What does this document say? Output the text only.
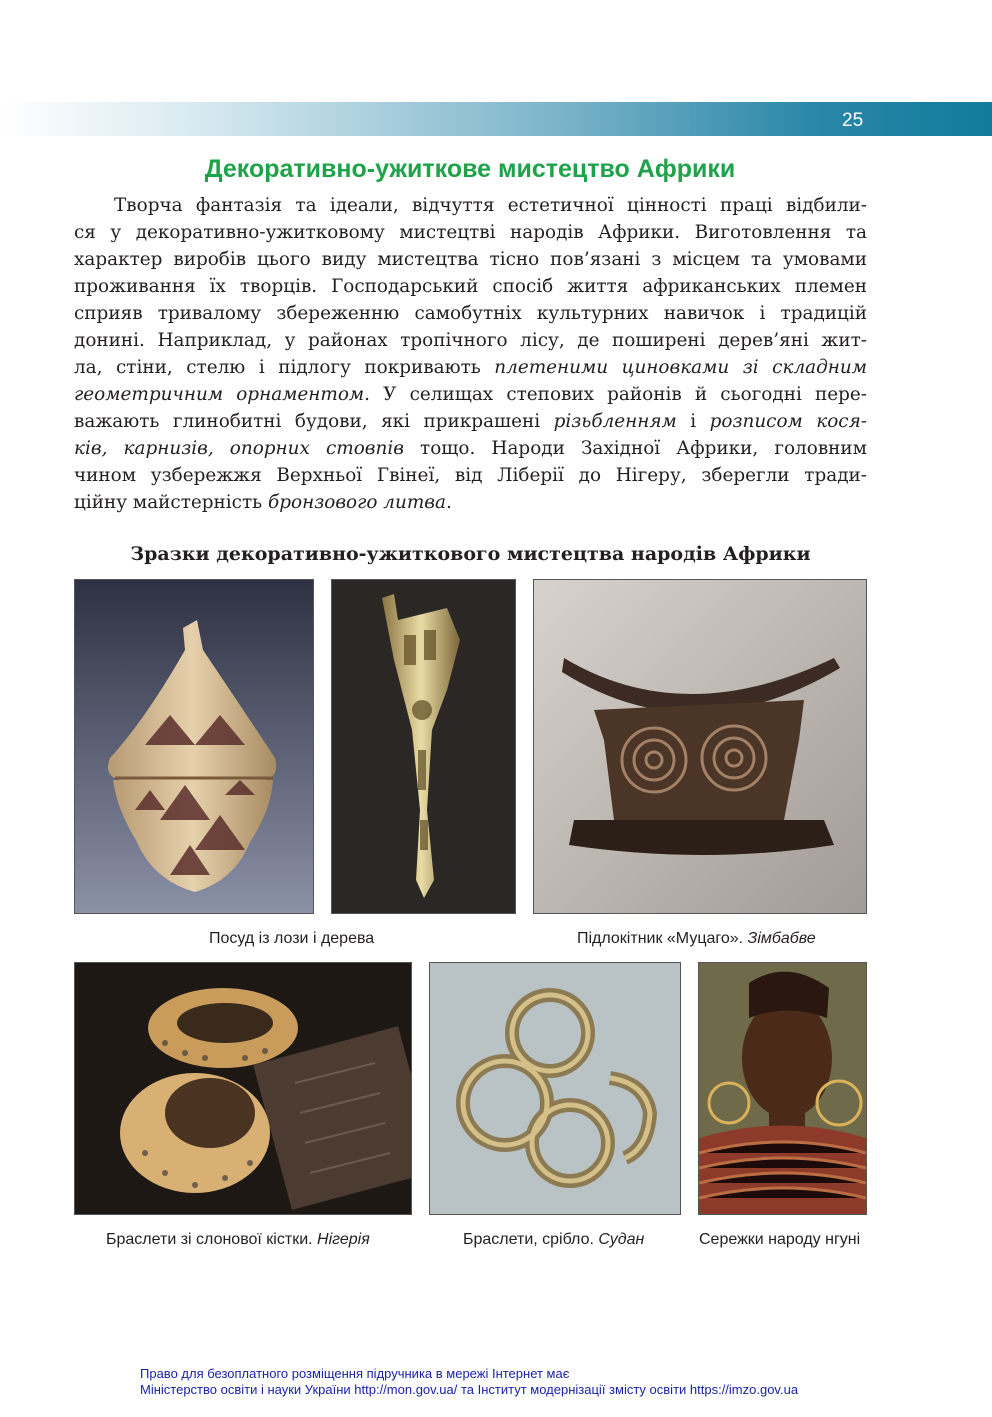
25
Декоративно-ужиткове мистецтво Африки
Творча фантазія та ідеали, відчуття естетичної цінності праці відбили-
ся у декоративно-ужитковому мистецтві народів Африки. Виготовлення та
характер виробів цього виду мистецтва тісно пов’язані з місцем та умовами
проживання їх творців. Господарський спосіб життя африканських племен
сприяв тривалому збереженню самобутніх культурних навичок і традицій
донині. Наприклад, у районах тропічного лісу, де поширені дерев’яні жит-
ла, стіни, стелю і підлогу покривають плетеними циновками зі складним
геометричним орнаментом. У селищах степових районів й сьогодні пере-
важають глинобитні будови, які прикрашені різьбленням і розписом кося-
ків, карнизів, опорних стовпів тощо. Народи Західної Африки, головним
чином узбережжя Верхньої Гвінеї, від Ліберії до Нігеру, зберегли тради-
ційну майстерність бронзового литва.
Зразки декоративно-ужиткового мистецтва народів Африки
Посуд із лози і дерева	Підлокітник «Муцаго». Зімбабве
Браслети зі слонової кістки. Нігерія	Браслети, срібло. Судан	Сережки народу нгуні
Право для безоплатного розміщення підручника в мережі Інтернет має
Міністерство освіти і науки України http://mon.gov.ua/ та Інститут модернізації змісту освіти https://imzo.gov.ua
